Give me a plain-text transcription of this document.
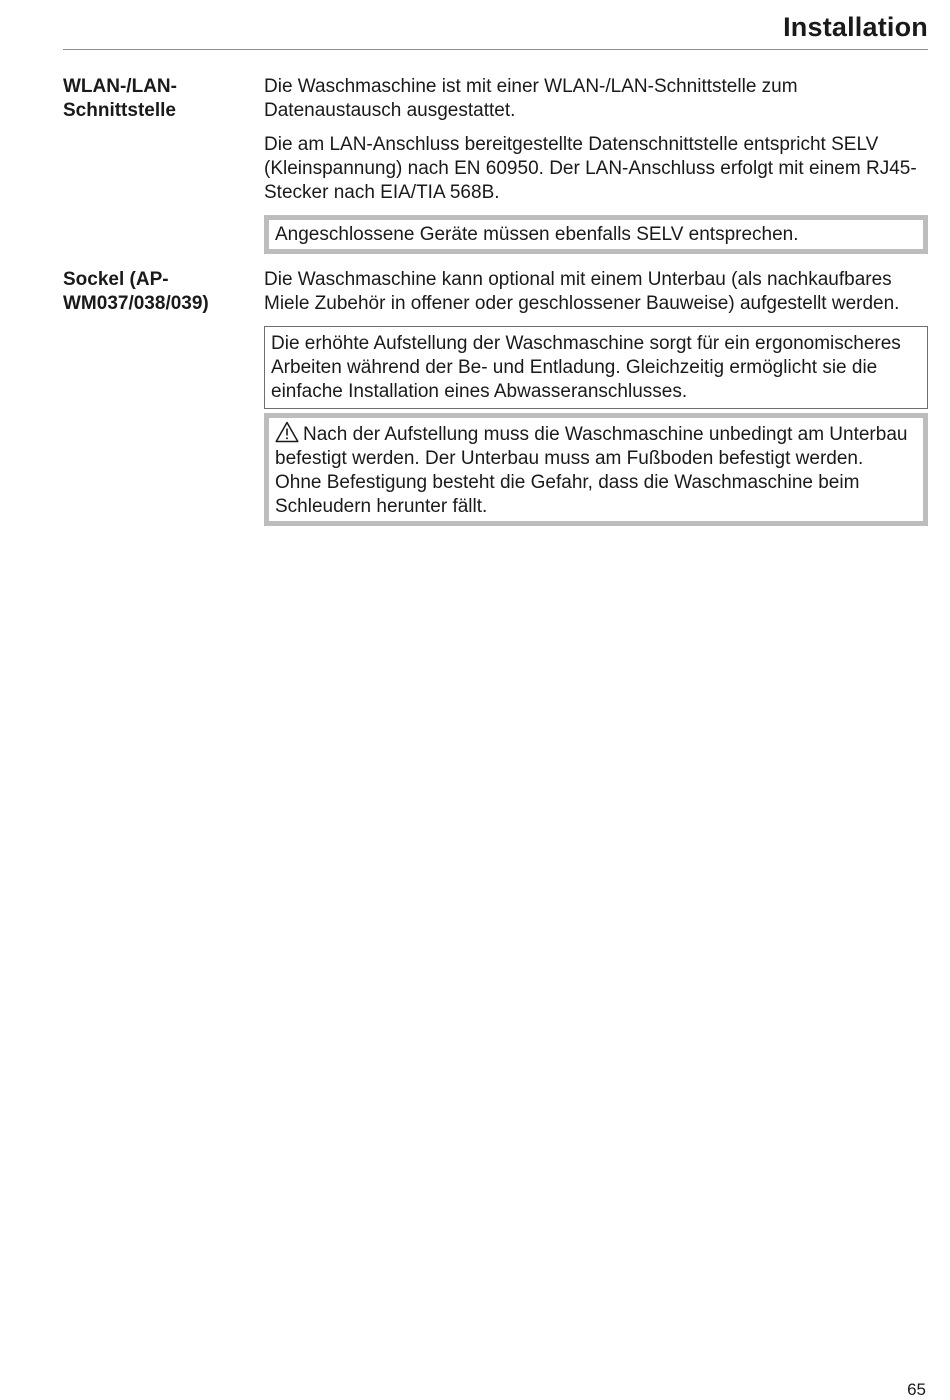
Installation
WLAN-/LAN-Schnittstelle

Die Waschmaschine ist mit einer WLAN-/LAN-Schnittstelle zum Datenaustausch ausgestattet.

Die am LAN-Anschluss bereitgestellte Datenschnittstelle entspricht SELV (Kleinspannung) nach EN 60950. Der LAN-Anschluss erfolgt mit einem RJ45-Stecker nach EIA/TIA 568B.

Angeschlossene Geräte müssen ebenfalls SELV entsprechen.
Sockel (AP-WM037/038/039)

Die Waschmaschine kann optional mit einem Unterbau (als nachkaufbares Miele Zubehör in offener oder geschlossener Bauweise) aufgestellt werden.

Die erhöhte Aufstellung der Waschmaschine sorgt für ein ergonomischeres Arbeiten während der Be- und Entladung. Gleichzeitig ermöglicht sie die einfache Installation eines Abwasseranschlusses.
Nach der Aufstellung muss die Waschmaschine unbedingt am Unterbau befestigt werden. Der Unterbau muss am Fußboden befestigt werden.
Ohne Befestigung besteht die Gefahr, dass die Waschmaschine beim Schleudern herunter fällt.
65
